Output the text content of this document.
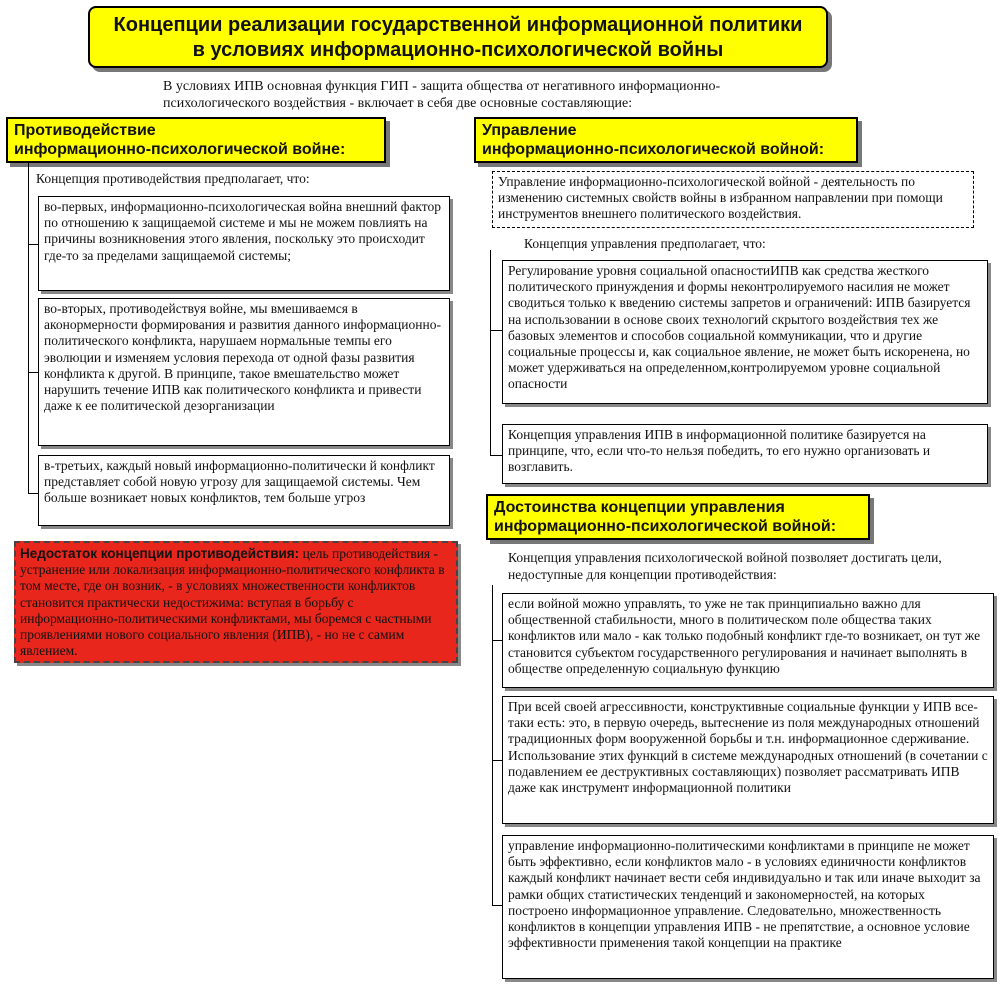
Концепции реализации государственной информационной политики
в условиях информационно-психологической войны
В условиях ИПВ основная функция ГИП - защита общества от негативного информационно-
психологического воздействия - включает в себя две основные составляющие:
Противодействие
информационно-психологической войне:
Концепция противодействия предполагает, что:
во-первых, информационно-психологическая война внешний фактор по отношению к защищаемой системе и мы не можем повлиять на причины возникновения этого явления, поскольку это происходит где-то за пределами защищаемой системы;
во-вторых, противодействуя войне, мы вмешиваемся в аконормерности формирования и развития данного информационно-политического конфликта, нарушаем нормальные темпы его эволюции и изменяем условия перехода от одной фазы развития конфликта к другой. В принципе, такое вмешательство может нарушить течение ИПВ как политического конфликта и привести даже к ее политической дезорганизации
в-третьих, каждый новый информационно-политически й конфликт представляет собой новую угрозу для защищаемой системы. Чем больше возникает новых конфликтов, тем больше угроз
Недостаток концепции противодействия: цель противодействия - устранение или локализация информационно-политического конфликта в том месте, где он возник, - в условиях множественности конфликтов становится практически недостижима: вступая в борьбу с информационно-политическими конфликтами, мы боремся с частными проявлениями нового социального явления (ИПВ), - но не с самим явлением.
Управление
информационно-психологической войной:
Управление информационно-психологической войной - деятельность по изменению системных свойств войны в избранном направлении при помощи инструментов внешнего политического воздействия.
Концепция управления предполагает, что:
Регулирование уровня социальной опасностиИПВ как средства жесткого политического принуждения и формы неконтролируемого насилия не может сводиться только к введению системы запретов и ограничений: ИПВ базируется на использовании в основе своих технологий скрытого воздействия тех же базовых элементов и способов социальной коммуникации, что и другие социальные процессы и, как социальное явление, не может быть искоренена, но может удерживаться на определенном,контролируемом уровне социальной опасности
Концепция управления ИПВ в информационной политике базируется на принципе, что, если что-то нельзя победить, то его нужно организовать и возглавить.
Достоинства концепции управления
информационно-психологической войной:
Концепция управления психологической войной позволяет достигать цели, недоступные для концепции противодействия:
если войной можно управлять, то уже не так принципиально важно для общественной стабильности, много в политическом поле общества таких конфликтов или мало - как только подобный конфликт где-то возникает, он тут же становится субъектом государственного регулирования и начинает выполнять в обществе определенную социальную функцию
При всей своей агрессивности, конструктивные социальные функции у ИПВ все-таки есть: это, в первую очередь, вытеснение из поля международных отношений традиционных форм вооруженной борьбы и т.н. информационное сдерживание. Использование этих функций в системе международных отношений (в сочетании с подавлением ее деструктивных составляющих) позволяет рассматривать ИПВ даже как инструмент информационной политики
управление информационно-политическими конфликтами в принципе не может быть эффективно, если конфликтов мало - в условиях единичности конфликтов каждый конфликт начинает вести себя индивидуально и так или иначе выходит за рамки общих статистических тенденций и закономерностей, на которых построено информационное управление. Следовательно, множественность конфликтов в концепции управления ИПВ - не препятствие, а основное условие эффективности применения такой концепции на практике
